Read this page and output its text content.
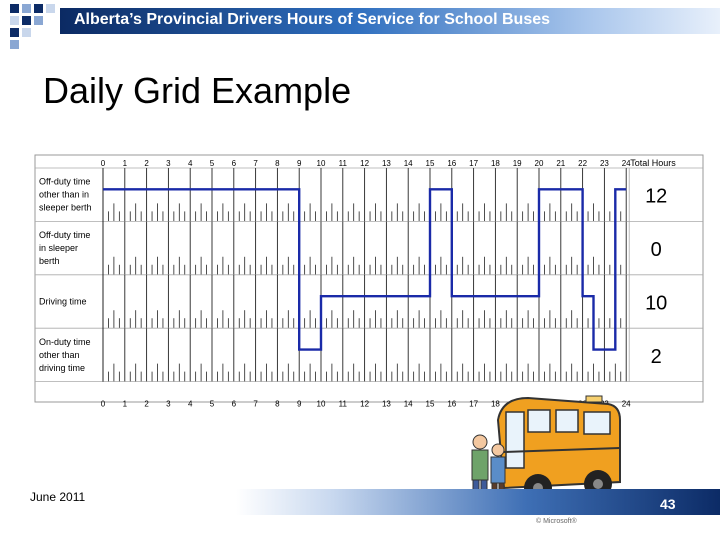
Alberta’s Provincial Drivers Hours of Service for School Buses
Daily Grid Example
0
0
1
1
2
2
3
3
4
4
5
5
6
6
7
7
8
8
9
9
10
10
11
11
12
12
13
13
14
14
15
15
16
16
17
17
18
18
19 20 21 22 23 24
24
Total Hours
Off-duty time
other than in
sleeper berth	12
Off-duty time
in sleeper
berth	0
Driving time	10
On-duty time
other than
driving time	2
June 2011	43
© Microsoft®
